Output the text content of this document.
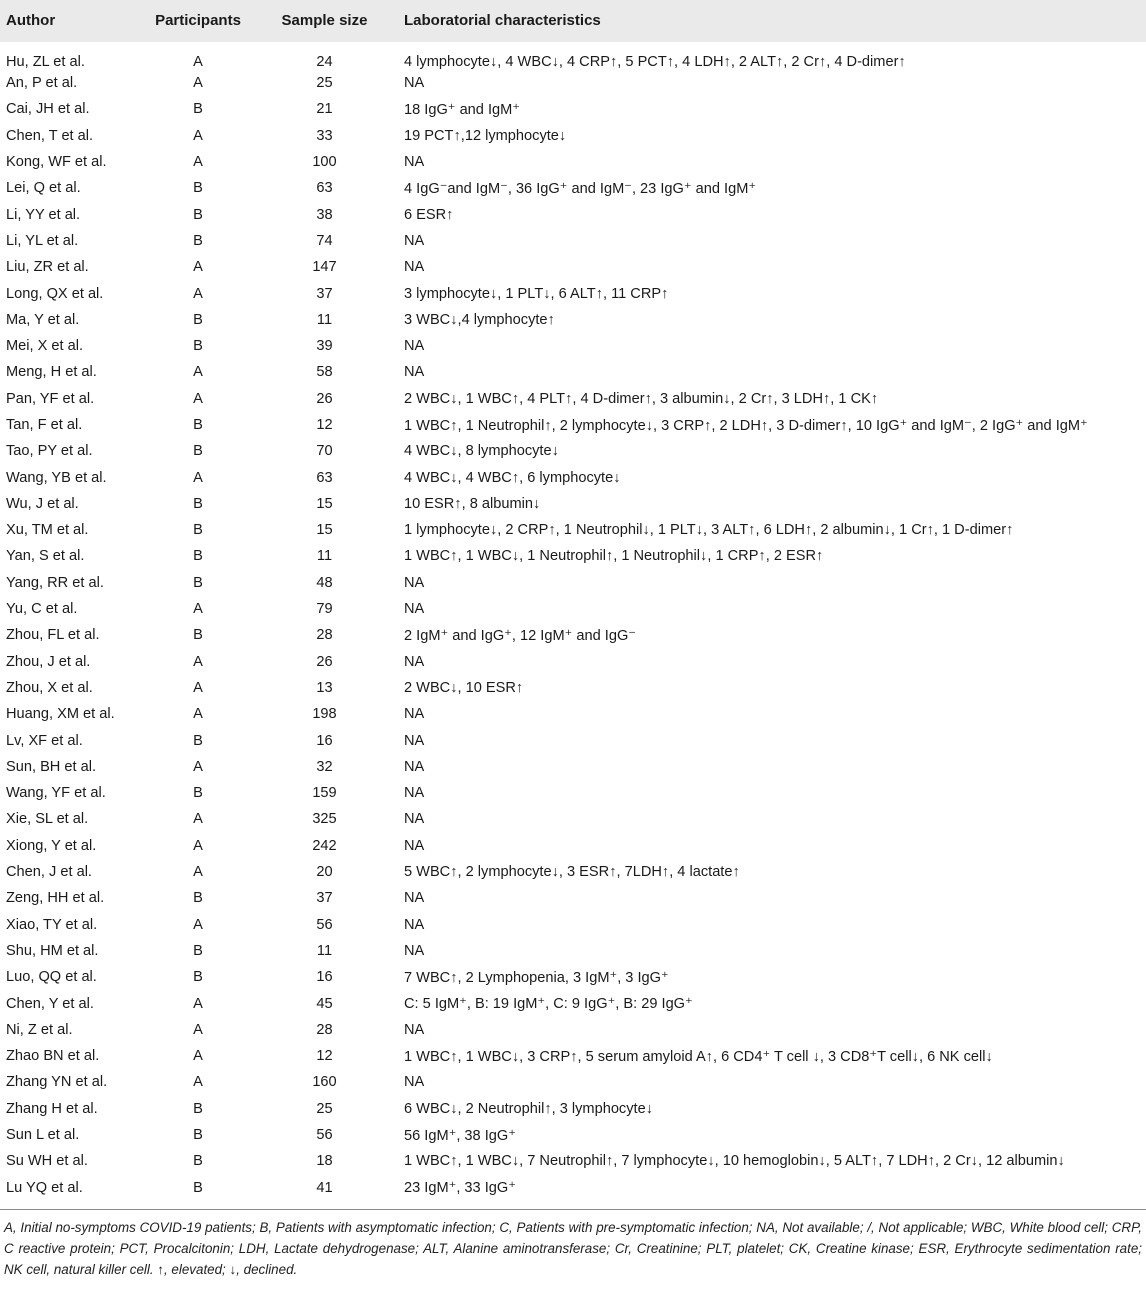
Author	Participants	Sample size	Laboratorial characteristics
Hu, ZL et al.	A	24	4 lymphocyte↓, 4 WBC↓, 4 CRP↑, 5 PCT↑, 4 LDH↑, 2 ALT↑, 2 Cr↑, 4 D-dimer↑
An, P et al.	A	25	NA
Cai, JH et al.	B	21	18 IgG⁺ and IgM⁺
Chen, T et al.	A	33	19 PCT↑,12 lymphocyte↓
Kong, WF et al.	A	100	NA
Lei, Q et al.	B	63	4 IgG⁻and IgM⁻, 36 IgG⁺ and IgM⁻, 23 IgG⁺ and IgM⁺
Li, YY et al.	B	38	6 ESR↑
Li, YL et al.	B	74	NA
Liu, ZR et al.	A	147	NA
Long, QX et al.	A	37	3 lymphocyte↓, 1 PLT↓, 6 ALT↑, 11 CRP↑
Ma, Y et al.	B	11	3 WBC↓,4 lymphocyte↑
Mei, X et al.	B	39	NA
Meng, H et al.	A	58	NA
Pan, YF et al.	A	26	2 WBC↓, 1 WBC↑, 4 PLT↑, 4 D-dimer↑, 3 albumin↓, 2 Cr↑, 3 LDH↑, 1 CK↑
Tan, F et al.	B	12	1 WBC↑, 1 Neutrophil↑, 2 lymphocyte↓, 3 CRP↑, 2 LDH↑, 3 D-dimer↑, 10 IgG⁺ and IgM⁻, 2 IgG⁺ and IgM⁺
Tao, PY et al.	B	70	4 WBC↓, 8 lymphocyte↓
Wang, YB et al.	A	63	4 WBC↓, 4 WBC↑, 6 lymphocyte↓
Wu, J et al.	B	15	10 ESR↑, 8 albumin↓
Xu, TM et al.	B	15	1 lymphocyte↓, 2 CRP↑, 1 Neutrophil↓, 1 PLT↓, 3 ALT↑, 6 LDH↑, 2 albumin↓, 1 Cr↑, 1 D-dimer↑
Yan, S et al.	B	11	1 WBC↑, 1 WBC↓, 1 Neutrophil↑, 1 Neutrophil↓, 1 CRP↑, 2 ESR↑
Yang, RR et al.	B	48	NA
Yu, C et al.	A	79	NA
Zhou, FL et al.	B	28	2 IgM⁺ and IgG⁺, 12 IgM⁺ and IgG⁻
Zhou, J et al.	A	26	NA
Zhou, X et al.	A	13	2 WBC↓, 10 ESR↑
Huang, XM et al.	A	198	NA
Lv, XF et al.	B	16	NA
Sun, BH et al.	A	32	NA
Wang, YF et al.	B	159	NA
Xie, SL et al.	A	325	NA
Xiong, Y et al.	A	242	NA
Chen, J et al.	A	20	5 WBC↑, 2 lymphocyte↓, 3 ESR↑, 7LDH↑, 4 lactate↑
Zeng, HH et al.	B	37	NA
Xiao, TY et al.	A	56	NA
Shu, HM et al.	B	11	NA
Luo, QQ et al.	B	16	7 WBC↑, 2 Lymphopenia, 3 IgM⁺, 3 IgG⁺
Chen, Y et al.	A	45	C: 5 IgM⁺, B: 19 IgM⁺, C: 9 IgG⁺, B: 29 IgG⁺
Ni, Z et al.	A	28	NA
Zhao BN et al.	A	12	1 WBC↑, 1 WBC↓, 3 CRP↑, 5 serum amyloid A↑, 6 CD4⁺ T cell ↓, 3 CD8⁺T cell↓, 6 NK cell↓
Zhang YN et al.	A	160	NA
Zhang H et al.	B	25	6 WBC↓, 2 Neutrophil↑, 3 lymphocyte↓
Sun L et al.	B	56	56 IgM⁺, 38 IgG⁺
Su WH et al.	B	18	1 WBC↑, 1 WBC↓, 7 Neutrophil↑, 7 lymphocyte↓, 10 hemoglobin↓, 5 ALT↑, 7 LDH↑, 2 Cr↓, 12 albumin↓
Lu YQ et al.	B	41	23 IgM⁺, 33 IgG⁺
A, Initial no-symptoms COVID-19 patients; B, Patients with asymptomatic infection; C, Patients with pre-symptomatic infection; NA, Not available; /, Not applicable; WBC, White blood cell; CRP, C reactive protein; PCT, Procalcitonin; LDH, Lactate dehydrogenase; ALT, Alanine aminotransferase; Cr, Creatinine; PLT, platelet; CK, Creatine kinase; ESR, Erythrocyte sedimentation rate; NK cell, natural killer cell. ↑, elevated; ↓, declined.
